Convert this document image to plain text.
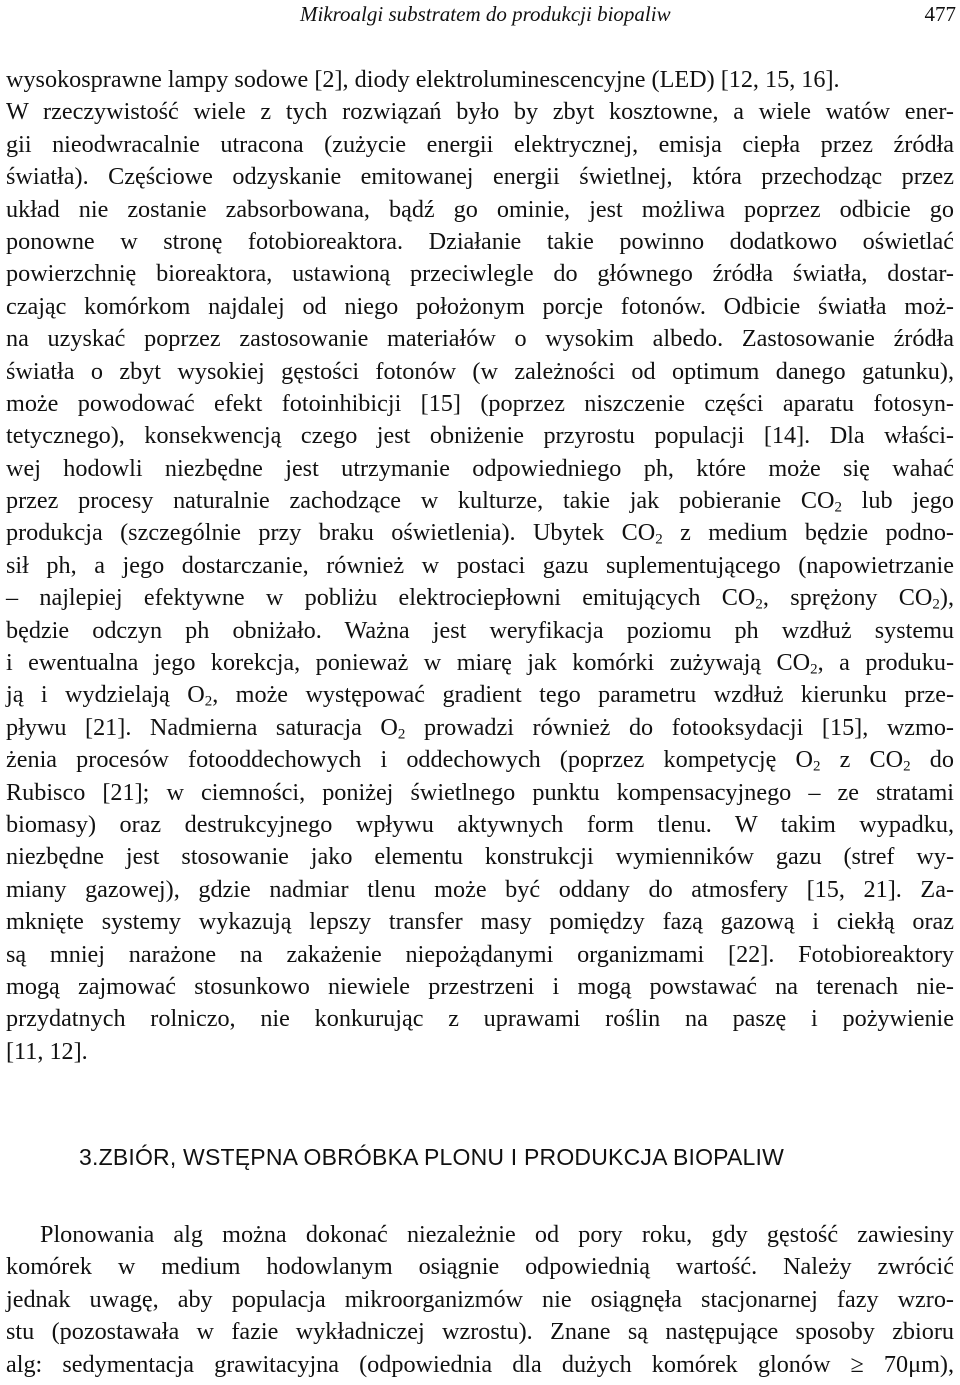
Mikroalgi substratem do produkcji biopaliw	477
wysokosprawne lampy sodowe [2], diody elektroluminescencyjne (LED) [12, 15, 16].
W rzeczywistość wiele z tych rozwiązań było by zbyt kosztowne, a wiele watów ener-
gii nieodwracalnie utracona (zużycie energii elektrycznej, emisja ciepła przez źródła
światła). Częściowe odzyskanie emitowanej energii świetlnej, która przechodząc przez
układ nie zostanie zabsorbowana, bądź go ominie, jest możliwa poprzez odbicie go
ponowne w stronę fotobioreaktora. Działanie takie powinno dodatkowo oświetlać
powierzchnię bioreaktora, ustawioną przeciwlegle do głównego źródła światła, dostar-
czając komórkom najdalej od niego położonym porcje fotonów. Odbicie światła moż-
na uzyskać poprzez zastosowanie materiałów o wysokim albedo. Zastosowanie źródła
światła o zbyt wysokiej gęstości fotonów (w zależności od optimum danego gatunku),
może powodować efekt fotoinhibicji [15] (poprzez niszczenie części aparatu fotosyn-
tetycznego), konsekwencją czego jest obniżenie przyrostu populacji [14]. Dla właści-
wej hodowli niezbędne jest utrzymanie odpowiedniego ph, które może się wahać
przez procesy naturalnie zachodzące w kulturze, takie jak pobieranie $CO_2$ lub jego
produkcja (szczególnie przy braku oświetlenia). Ubytek $CO_2$ z medium będzie podno-
sił ph, a jego dostarczanie, również w postaci gazu suplementującego (napowietrzanie
– najlepiej efektywne w pobliżu elektrociepłowni emitujących $CO_2$, sprężony $CO_2$),
będzie odczyn ph obniżało. Ważna jest weryfikacja poziomu ph wzdłuż systemu
i ewentualna jego korekcja, ponieważ w miarę jak komórki zużywają $CO_2$, a produku-
ją i wydzielają $O_2$, może występować gradient tego parametru wzdłuż kierunku prze-
pływu [21]. Nadmierna saturacja $O_2$ prowadzi również do fotooksydacji [15], wzmo-
żenia procesów fotooddechowych i oddechowych (poprzez kompetycję $O_2$ z $CO_2$ do
Rubisco [21]; w ciemności, poniżej świetlnego punktu kompensacyjnego – ze stratami
biomasy) oraz destrukcyjnego wpływu aktywnych form tlenu. W takim wypadku,
niezbędne jest stosowanie jako elementu konstrukcji wymienników gazu (stref wy-
miany gazowej), gdzie nadmiar tlenu może być oddany do atmosfery [15, 21]. Za-
mknięte systemy wykazują lepszy transfer masy pomiędzy fazą gazową i ciekłą oraz
są mniej narażone na zakażenie niepożądanymi organizmami [22]. Fotobioreaktory
mogą zajmować stosunkowo niewiele przestrzeni i mogą powstawać na terenach nie-
przydatnych rolniczo, nie konkurując z uprawami roślin na paszę i pożywienie
[11, 12].
3.ZBIÓR, WSTĘPNA OBRÓBKA PLONU I PRODUKCJA BIOPALIW
Plonowania alg można dokonać niezależnie od pory roku, gdy gęstość zawiesiny
komórek w medium hodowlanym osiągnie odpowiednią wartość. Należy zwrócić
jednak uwagę, aby populacja mikroorganizmów nie osiągnęła stacjonarnej fazy wzro-
stu (pozostawała w fazie wykładniczej wzrostu). Znane są następujące sposoby zbioru
alg: sedymentacja grawitacyjna (odpowiednia dla dużych komórek glonów ≥ 70μm),
